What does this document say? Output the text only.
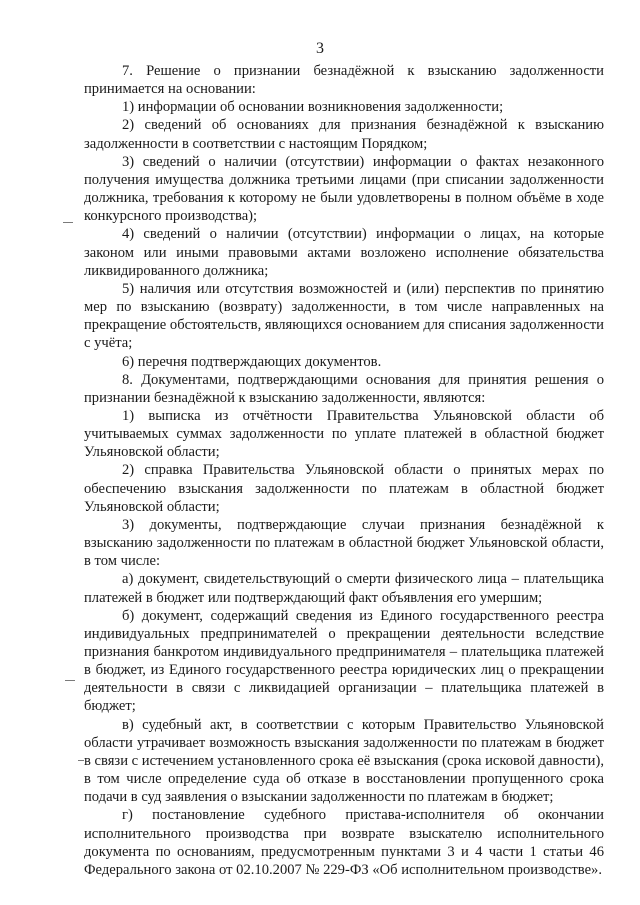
3

7. Решение о признании безнадёжной к взысканию задолженности принимается на основании:

1) информации об основании возникновения задолженности;

2) сведений об основаниях для признания безнадёжной к взысканию задолженности в соответствии с настоящим Порядком;

3) сведений о наличии (отсутствии) информации о фактах незаконного получения имущества должника третьими лицами (при списании задолженности должника, требования к которому не были удовлетворены в полном объёме в ходе конкурсного производства);

4) сведений о наличии (отсутствии) информации о лицах, на которые законом или иными правовыми актами возложено исполнение обязательства ликвидированного должника;

5) наличия или отсутствия возможностей и (или) перспектив по принятию мер по взысканию (возврату) задолженности, в том числе направленных на прекращение обстоятельств, являющихся основанием для списания задолженности с учёта;

6) перечня подтверждающих документов.

8. Документами, подтверждающими основания для принятия решения о признании безнадёжной к взысканию задолженности, являются:

1) выписка из отчётности Правительства Ульяновской области об учитываемых суммах задолженности по уплате платежей в областной бюджет Ульяновской области;

2) справка Правительства Ульяновской области о принятых мерах по обеспечению взыскания задолженности по платежам в областной бюджет Ульяновской области;

3) документы, подтверждающие случаи признания безнадёжной к взысканию задолженности по платежам в областной бюджет Ульяновской области, в том числе:

а) документ, свидетельствующий о смерти физического лица – плательщика платежей в бюджет или подтверждающий факт объявления его умершим;

б) документ, содержащий сведения из Единого государственного реестра индивидуальных предпринимателей о прекращении деятельности вследствие признания банкротом индивидуального предпринимателя – плательщика платежей в бюджет, из Единого государственного реестра юридических лиц о прекращении деятельности в связи с ликвидацией организации – плательщика платежей в бюджет;

в) судебный акт, в соответствии с которым Правительство Ульяновской области утрачивает возможность взыскания задолженности по платежам в бюджет в связи с истечением установленного срока её взыскания (срока исковой давности), в том числе определение суда об отказе в восстановлении пропущенного срока подачи в суд заявления о взыскании задолженности по платежам в бюджет;

г) постановление судебного пристава-исполнителя об окончании исполнительного производства при возврате взыскателю исполнительного документа по основаниям, предусмотренным пунктами 3 и 4 части 1 статьи 46 Федерального закона от 02.10.2007 № 229-ФЗ «Об исполнительном производстве».
